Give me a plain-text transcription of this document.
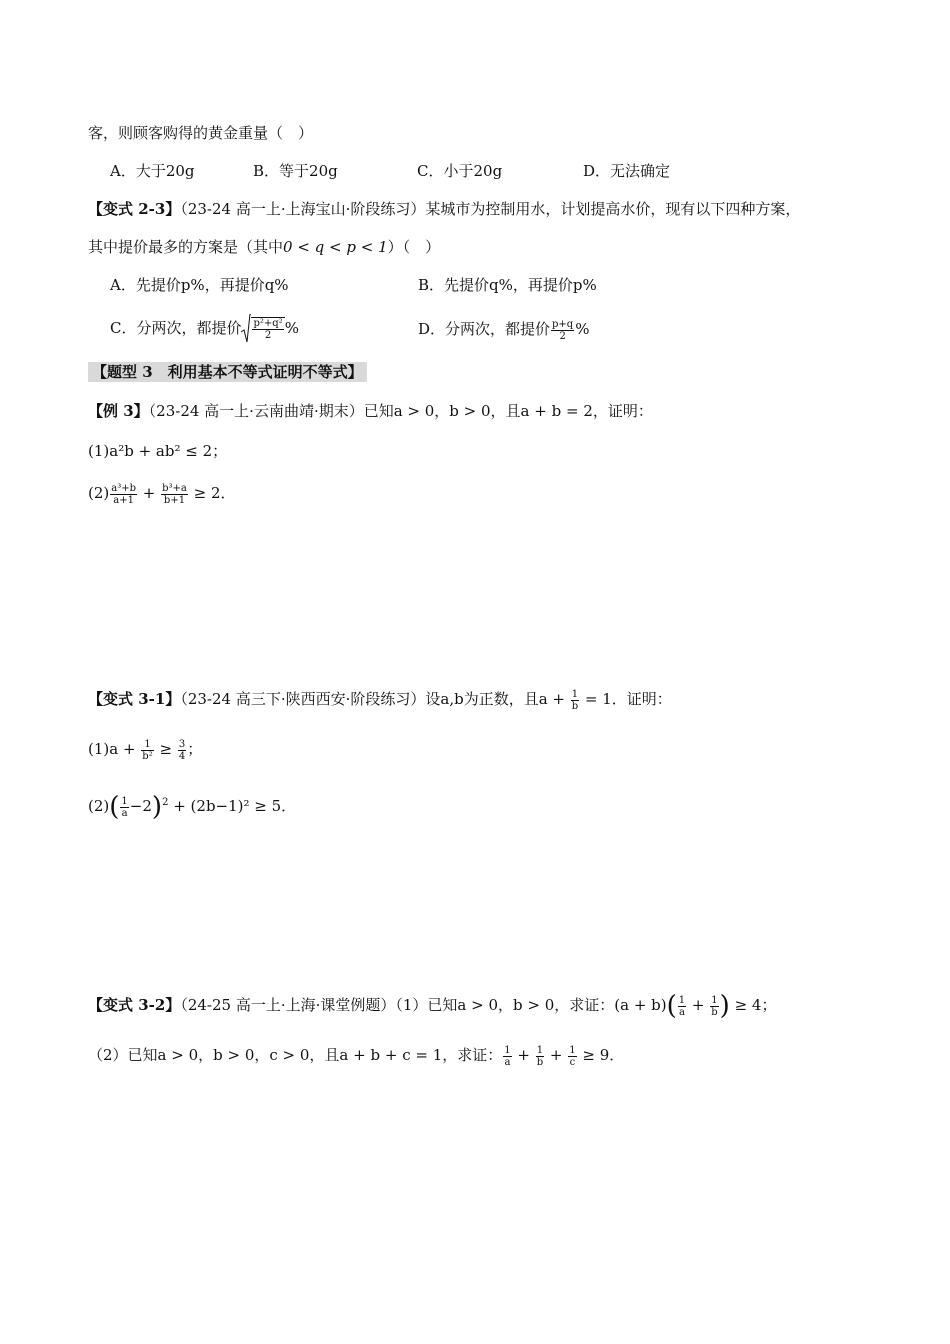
客，则顾客购得的黄金重量（　）
A．大于20g	B．等于20g	C．小于20g	D．无法确定
【变式 2-3】（23-24 高一上·上海宝山·阶段练习）某城市为控制用水，计划提高水价，现有以下四种方案，
其中提价最多的方案是（其中0 < q < p < 1）（　）
A．先提价p%，再提价q%	B．先提价q%，再提价p%
C．分两次，都提价 $\frac{\text{p²+q²}}{2}$ %	D．分两次，都提价 $\frac{p+q}{2}$ %
【题型 3　利用基本不等式证明不等式】
【例 3】（23-24 高一上·云南曲靖·期末）已知a > 0，b > 0，且a + b = 2，证明：
(1)a²b + ab² ≤ 2；
$(2) \frac{\text{a³+b}}{a+1} + \frac{\text{b³+a}}{b+1} \ge 2$．
【变式 3-1】（23-24 高三下·陕西西安·阶段练习）设a,b为正数，且$a + \frac{1}{b} = 1$．证明：
$(1)a + \frac{1}{\text{b²}} \ge \frac{3}{4}$ ；
$(2)( \frac{1}{a} -2)^2 + (2b-1)^2 \ge 5$．
【变式 3-2】（24-25 高一上·上海·课堂例题）（1）已知a > 0，b > 0，求证：$(a + b)( \frac{1}{a} + \frac{1}{b}$ ) ≥ 4；
（2）已知a > 0，b > 0，c > 0，且a + b + c = 1，求证： $\frac{1}{a} + \frac{1}{b} + \frac{1}{c} \ge 9$．
